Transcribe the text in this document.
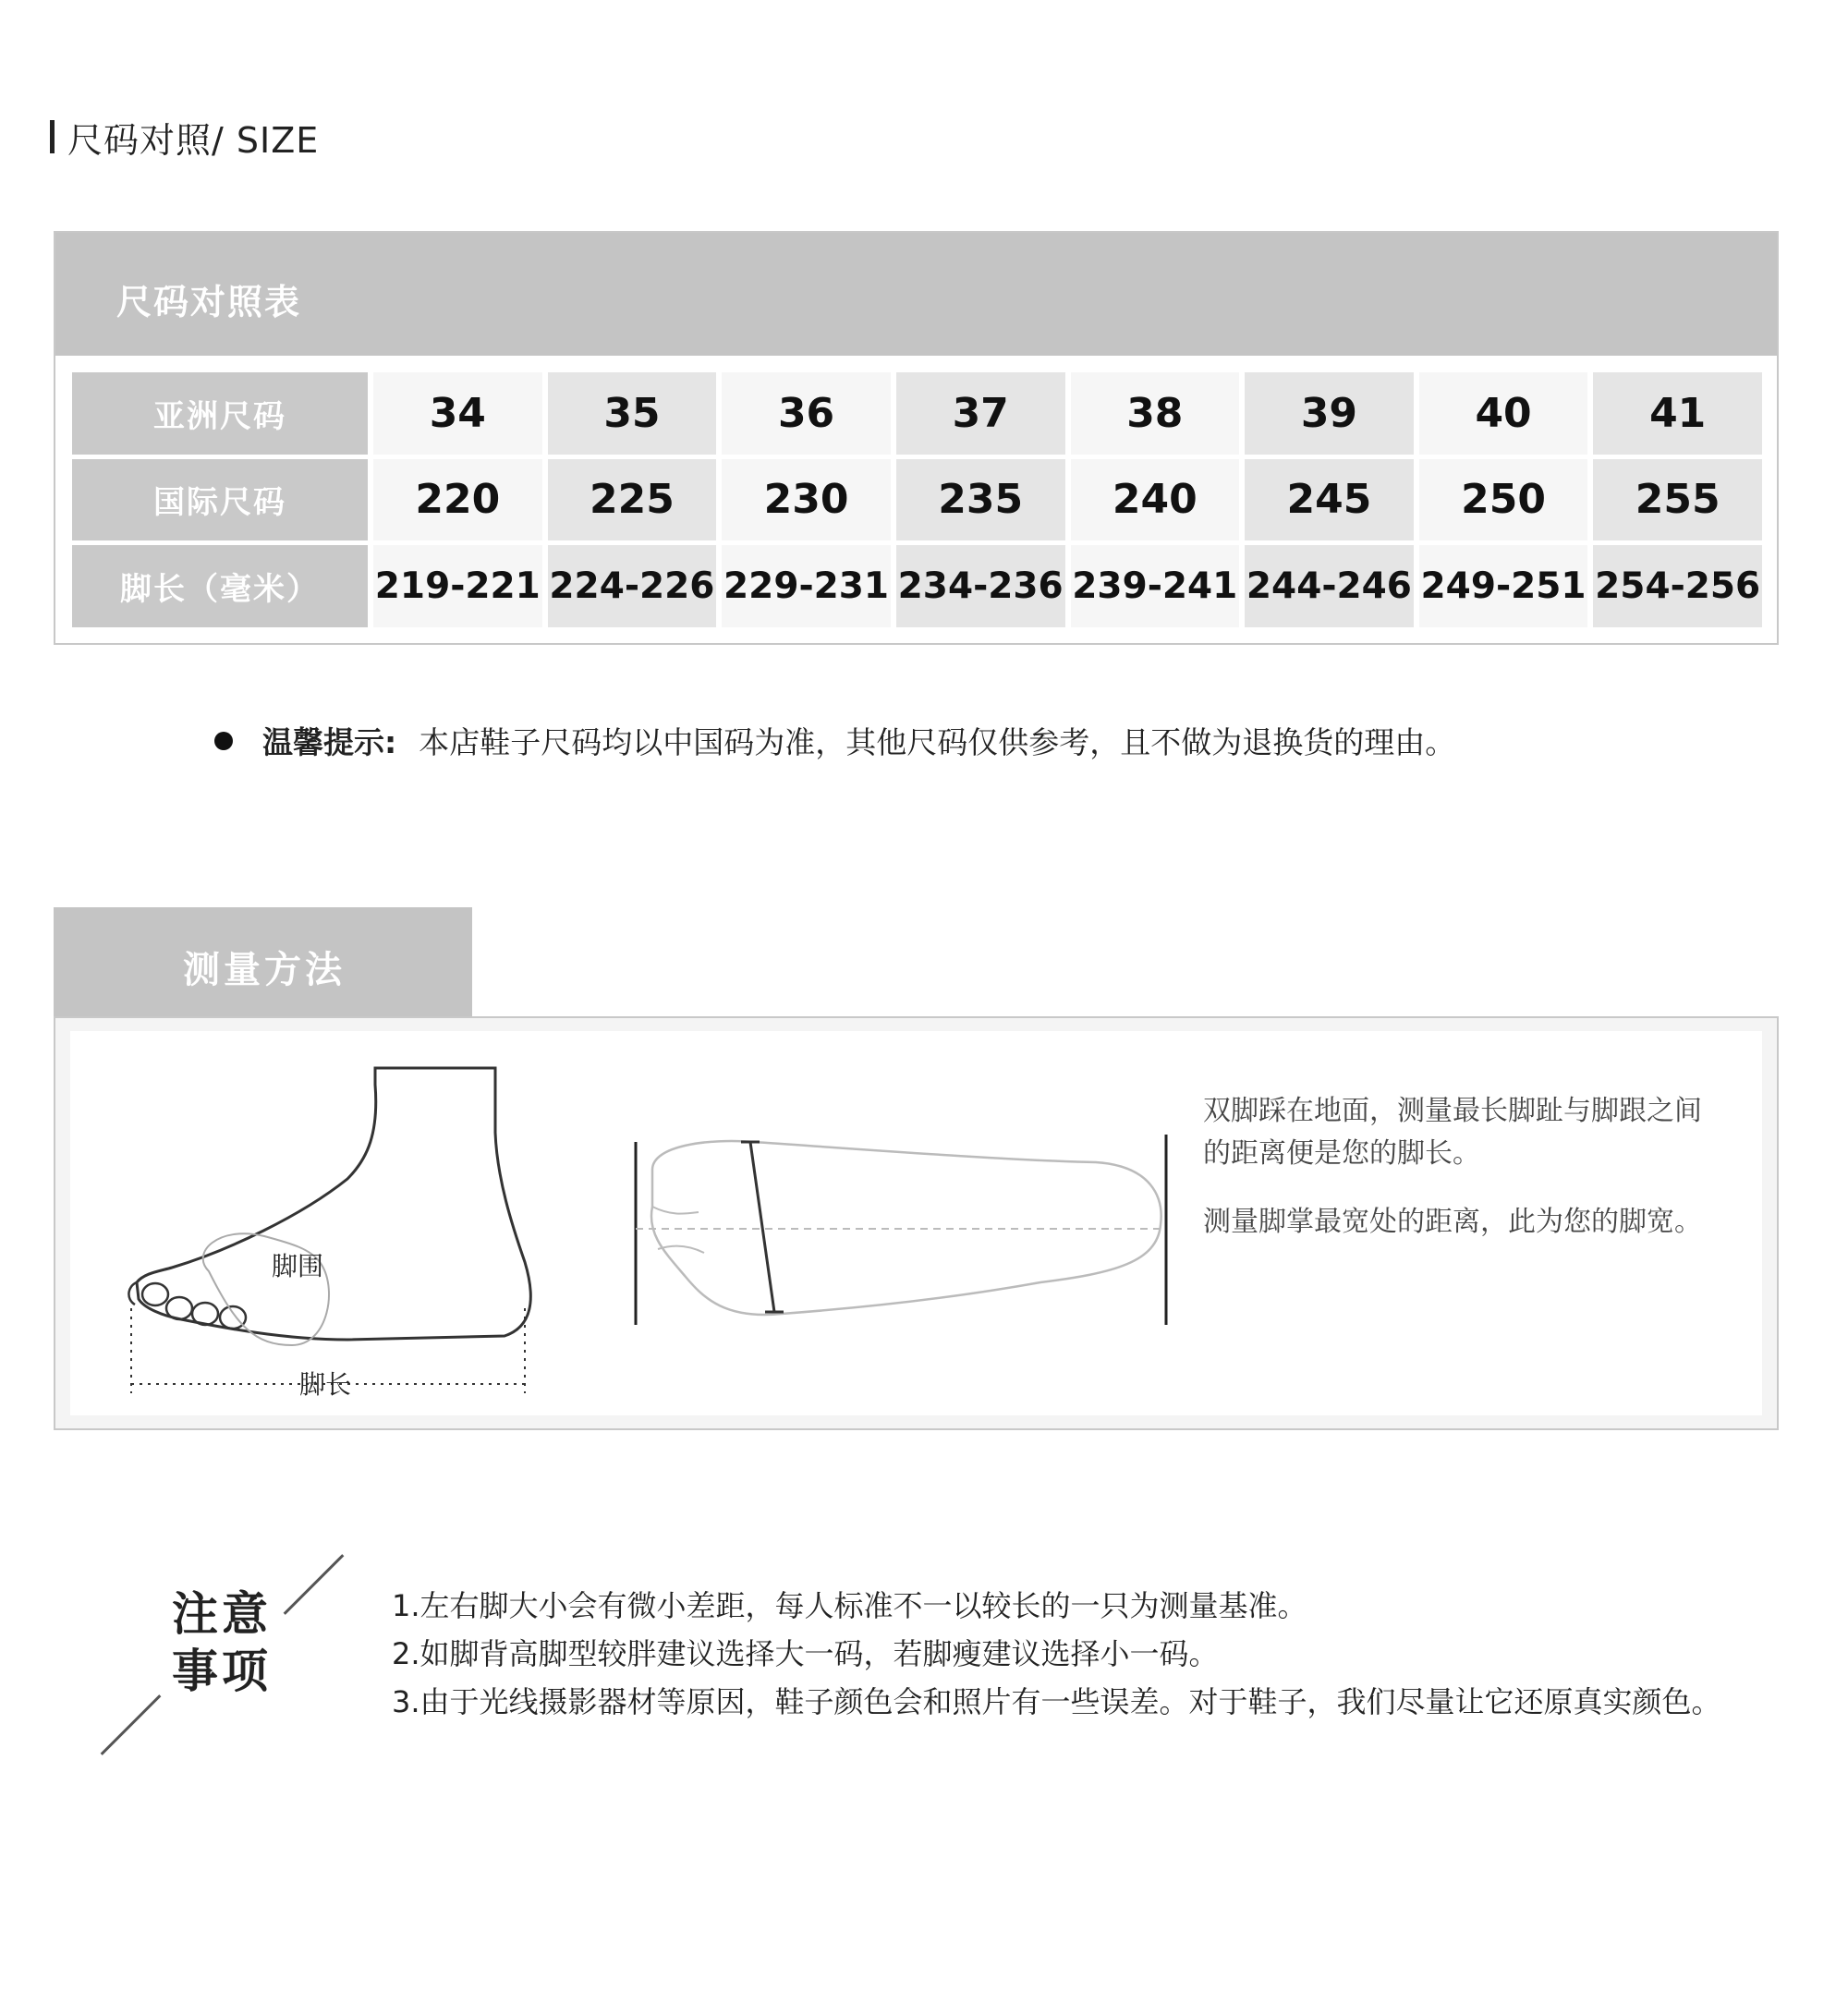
尺码对照/ SIZE
尺码对照表
亚洲尺码	34	35	36	37	38	39	40	41
国际尺码	220	225	230	235	240	245	250	255
脚长（毫米）	219-221	224-226	229-231	234-236	239-241	244-246	249-251	254-256
温馨提示: 本店鞋子尺码均以中国码为准，其他尺码仅供参考，且不做为退换货的理由。
测量方法
脚围
脚长

双脚踩在地面，测量最长脚趾与脚跟之间的距离便是您的脚长。

测量脚掌最宽处的距离，此为您的脚宽。

注意
事项
1.左右脚大小会有微小差距，每人标准不一以较长的一只为测量基准。
2.如脚背高脚型较胖建议选择大一码，若脚瘦建议选择小一码。
3.由于光线摄影器材等原因，鞋子颜色会和照片有一些误差。对于鞋子，我们尽量让它还原真实颜色。
